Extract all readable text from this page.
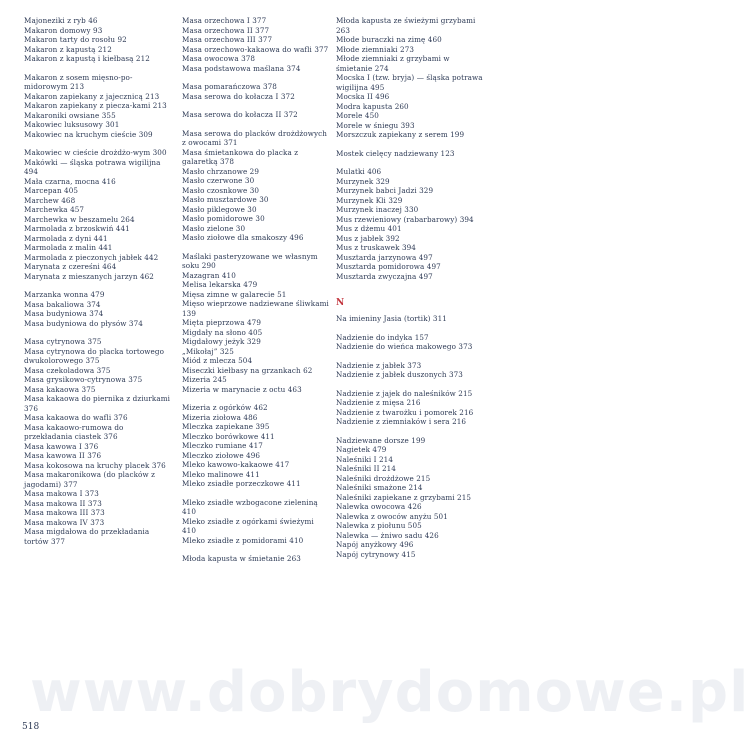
Majoneziki z ryb 46
Makaron domowy 93
Makaron tarty do rosołu 92
Makaron z kapustą 212
Makaron z kapustą i kiełbasą 212
Makaron z sosem mięsno-po-midorowym 213
Makaron zapiekany z jajecznicą 213
Makaron zapiekany z piecza-kami 213
Makaroniki owsiane 355
Makowiec luksusowy 301
Makowiec na kruchym cieście 309
Makowiec w cieście drożdżo-wym 300
Makówki — śląska potrawa wigilijna 494
Mała czarna, mocna 416
Marcepan 405
Marchew 468
Marchewka 457
Marchewka w beszamelu 264
Marmolada z brzoskwiń 441
Marmolada z dyni 441
Marmolada z malin 441
Marmolada z pieczonych jabłek 442
Marynata z czereśni 464
Marynata z mieszanych jarzyn 462
Marzanka wonna 479
Masa bakaliowa 374
Masa budyniowa 374
Masa budyniowa do płysów 374
Masa cytrynowa 375
Masa cytrynowa do placka tortowego dwukolorowego 375
Masa czekoladowa 375
Masa grysikowo-cytrynowa 375
Masa kakaowa 375
Masa kakaowa do piernika z dziurkami 376
Masa kakaowa do wafli 376
Masa kakaowo-rumowa do przekładania ciastek 376
Masa kawowa I 376
Masa kawowa II 376
Masa kokosowa na kruchy placek 376
Masa makaronikowa (do placków z jagodami) 377
Masa makowa I 373
Masa makowa II 373
Masa makowa III 373
Masa makowa IV 373
Masa migdałowa do przekładania tortów 377
Masa orzechowa I 377
Masa orzechowa II 377
Masa orzechowa III 377
Masa orzechowo-kakaowa do wafli 377
Masa owocowa 378
Masa podstawowa maślana 374
Masa pomarańczowa 378
Masa serowa do kołacza I 372
Masa serowa do kołacza II 372
Masa serowa do placków drożdżowych z owocami 371
Masa śmietankowa do placka z galaretką 378
Masło chrzanowe 29
Masło czerwone 30
Masło czosnkowe 30
Masło musztardowe 30
Masło piklegowe 30
Masło pomidorowe 30
Masło zielone 30
Masło ziołowe dla smakoszy 496
Maślaki pasteryzowane we własnym soku 290
Mazagran 410
Melisa lekarska 479
Mięsa zimne w galarecie 51
Mięso wieprzowe nadziewane śliwkami 139
Mięta pieprzowa 479
Migdały na słono 405
Migdałowy jeżyk 329
„Mikołaj” 325
Miód z mlecza 504
Miseczki kiełbasy na grzankach 62
Mizeria 245
Mizeria w marynacie z octu 463
Mizeria z ogórków 462
Mizeria ziołowa 486
Mleczka zapiekane 395
Mleczko borówkowe 411
Mleczko rumiane 417
Mleczko ziołowe 496
Mleko kawowo-kakaowe 417
Mleko malinowe 411
Mleko zsiadłe porzeczkowe 411
Mleko zsiadłe wzbogacone zieleniną 410
Mleko zsiadłe z ogórkami świeżymi 410
Mleko zsiadłe z pomidorami 410
Młoda kapusta w śmietanie 263
Młoda kapusta ze świeżymi grzybami 263
Młode buraczki na zimę 460
Młode ziemniaki 273
Młode ziemniaki z grzybami w śmietanie 274
Mocska I (tzw. bryja) — śląska potrawa wigilijna 495
Mocska II 496
Modra kapusta 260
Morele 450
Morele w śniegu 393
Morszczuk zapiekany z serem 199
Mostek cielęcy nadziewany 123
Mulatki 406
Murzynek 329
Murzynek babci Jadzi 329
Murzynek Kli 329
Murzynek inaczej 330
Mus rzewieniowy (rabarbarowy) 394
Mus z dżemu 401
Mus z jabłek 392
Mus z truskawek 394
Musztarda jarzynowa 497
Musztarda pomidorowa 497
Musztarda zwyczajna 497
N
Na imieniny Jasia (tortik) 311
Nadzienie do indyka 157
Nadzienie do wieńca makowego 373
Nadzienie z jabłek 373
Nadzienie z jabłek duszonych 373
Nadzienie z jajek do naleśników 215
Nadzienie z mięsa 216
Nadzienie z twarożku i pomorek 216
Nadzienie z ziemniaków i sera 216
Nadziewane dorsze 199
Nagietek 479
Naleśniki I 214
Naleśniki II 214
Naleśniki drożdżowe 215
Naleśniki smażone 214
Naleśniki zapiekane z grzybami 215
Nalewka owocowa 426
Nalewka z owoców anyżu 501
Nalewka z piołunu 505
Nalewka — żniwo sadu 426
Napój anyżkowy 496
Napój cytrynowy 415
www.dobrydomowe.pl
518
